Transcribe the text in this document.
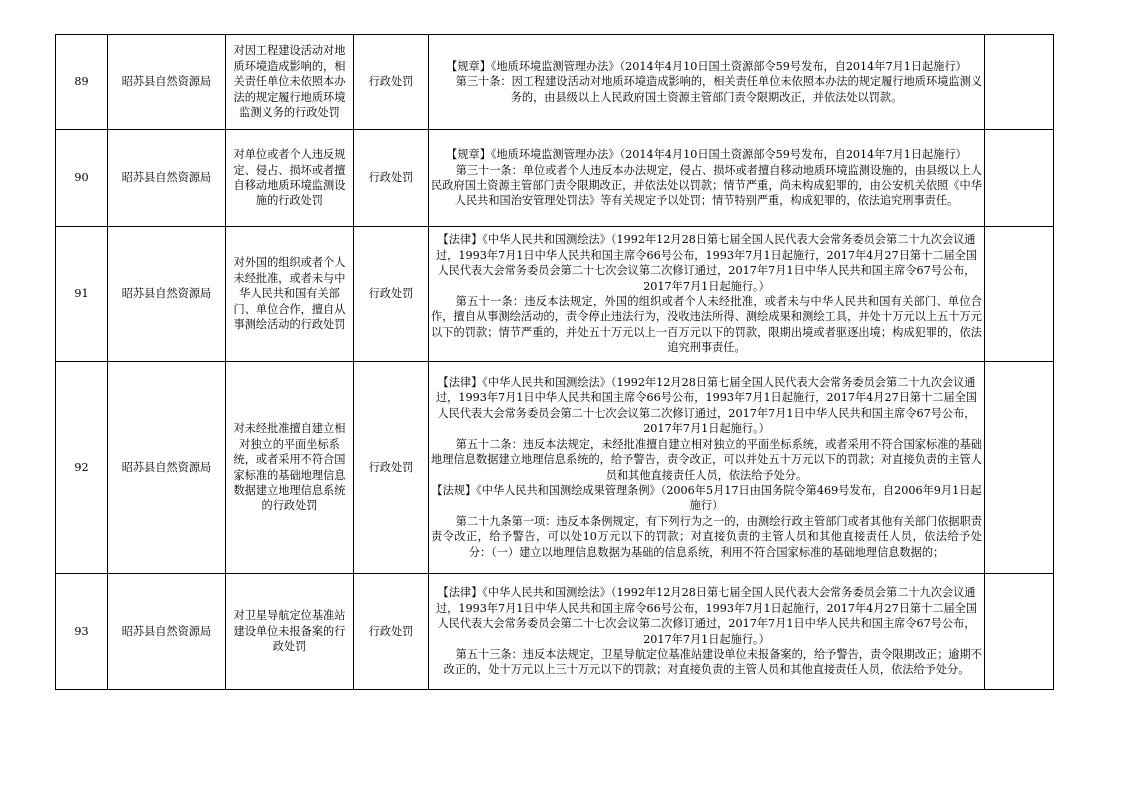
89	昭苏县自然资源局	对因工程建设活动对地质环境造成影响的，相关责任单位未依照本办法的规定履行地质环境监测义务的行政处罚	行政处罚	【规章】《地质环境监测管理办法》（2014年4月10日国土资源部令59号发布，自2014年7月1日起施行）
第三十条：因工程建设活动对地质环境造成影响的，相关责任单位未依照本办法的规定履行地质环境监测义务的，由县级以上人民政府国土资源主管部门责令限期改正，并依法处以罚款。	

90	昭苏县自然资源局	对单位或者个人违反规定、侵占、损坏或者擅自移动地质环境监测设施的行政处罚	行政处罚	【规章】《地质环境监测管理办法》（2014年4月10日国土资源部令59号发布，自2014年7月1日起施行）
第三十一条：单位或者个人违反本办法规定，侵占、损坏或者擅自移动地质环境监测设施的，由县级以上人民政府国土资源主管部门责令限期改正，并依法处以罚款；情节严重，尚未构成犯罪的，由公安机关依照《中华人民共和国治安管理处罚法》等有关规定予以处罚；情节特别严重，构成犯罪的，依法追究刑事责任。	

91	昭苏县自然资源局	对外国的组织或者个人未经批准，或者未与中华人民共和国有关部门、单位合作，擅自从事测绘活动的行政处罚	行政处罚	【法律】《中华人民共和国测绘法》（1992年12月28日第七届全国人民代表大会常务委员会第二十九次会议通过，1993年7月1日中华人民共和国主席令66号公布，1993年7月1日起施行，2017年4月27日第十二届全国人民代表大会常务委员会第二十七次会议第二次修订通过，2017年7月1日中华人民共和国主席令67号公布，2017年7月1日起施行。）
第五十一条：违反本法规定，外国的组织或者个人未经批准，或者未与中华人民共和国有关部门、单位合作，擅自从事测绘活动的，责令停止违法行为，没收违法所得、测绘成果和测绘工具，并处十万元以上五十万元以下的罚款；情节严重的，并处五十万元以上一百万元以下的罚款，限期出境或者驱逐出境；构成犯罪的，依法追究刑事责任。	

92	昭苏县自然资源局	对未经批准擅自建立相对独立的平面坐标系统，或者采用不符合国家标准的基础地理信息数据建立地理信息系统的行政处罚	行政处罚	【法律】《中华人民共和国测绘法》（1992年12月28日第七届全国人民代表大会常务委员会第二十九次会议通过，1993年7月1日中华人民共和国主席令66号公布，1993年7月1日起施行，2017年4月27日第十二届全国人民代表大会常务委员会第二十七次会议第二次修订通过，2017年7月1日中华人民共和国主席令67号公布，2017年7月1日起施行。）
第五十二条：违反本法规定，未经批准擅自建立相对独立的平面坐标系统，或者采用不符合国家标准的基础地理信息数据建立地理信息系统的，给予警告，责令改正，可以并处五十万元以下的罚款；对直接负责的主管人员和其他直接责任人员，依法给予处分。
【法规】《中华人民共和国测绘成果管理条例》（2006年5月17日由国务院令第469号发布，自2006年9月1日起施行）
第二十九条第一项：违反本条例规定，有下列行为之一的，由测绘行政主管部门或者其他有关部门依据职责责令改正，给予警告，可以处10万元以下的罚款；对直接负责的主管人员和其他直接责任人员，依法给予处分：（一）建立以地理信息数据为基础的信息系统，利用不符合国家标准的基础地理信息数据的；	

93	昭苏县自然资源局	对卫星导航定位基准站建设单位未报备案的行政处罚	行政处罚	【法律】《中华人民共和国测绘法》（1992年12月28日第七届全国人民代表大会常务委员会第二十九次会议通过，1993年7月1日中华人民共和国主席令66号公布，1993年7月1日起施行，2017年4月27日第十二届全国人民代表大会常务委员会第二十七次会议第二次修订通过，2017年7月1日中华人民共和国主席令67号公布，2017年7月1日起施行。）
第五十三条：违反本法规定，卫星导航定位基准站建设单位未报备案的，给予警告，责令限期改正；逾期不改正的，处十万元以上三十万元以下的罚款；对直接负责的主管人员和其他直接责任人员，依法给予处分。	
